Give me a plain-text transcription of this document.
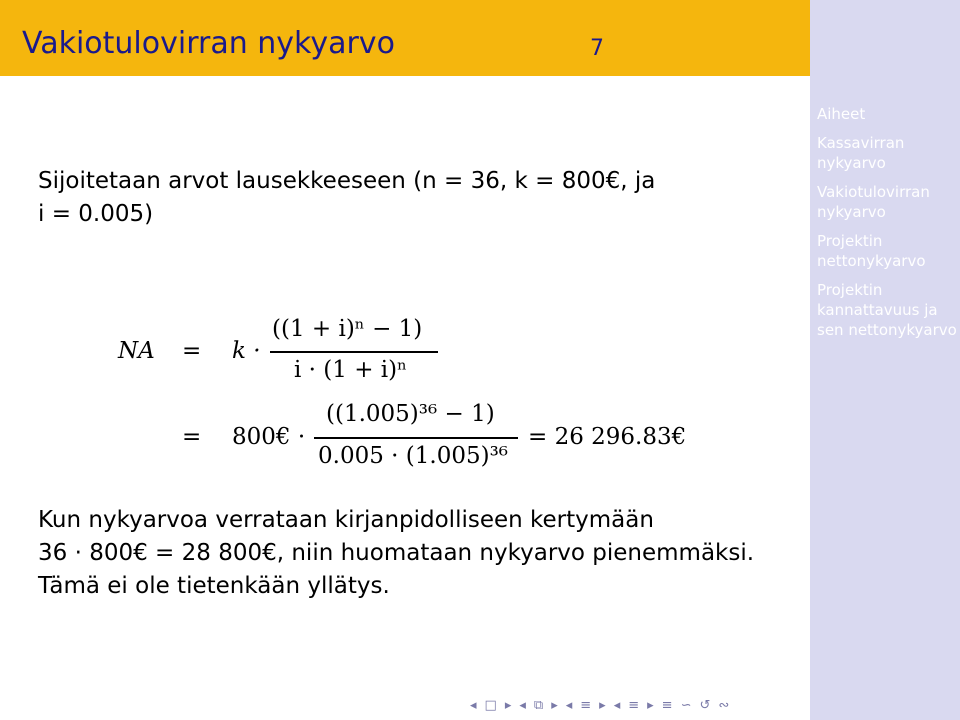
Vakiotulovirran nykyarvo	7
Aiheet
Kassavirran nykyarvo
Vakiotulovirran nykyarvo
Projektin nettonykyarvo
Projektin kannattavuus ja sen nettonykyarvo
Sijoitetaan arvot lausekkeeseen (n = 36, k = 800€, ja
i = 0.005)
NA = k ·
((1 + i)ⁿ − 1)
i · (1 + i)ⁿ
= 800€ ·
((1.005)³⁶ − 1)
0.005 · (1.005)³⁶
= 26 296.83€
Kun nykyarvoa verrataan kirjanpidolliseen kertymään
36 · 800€ = 28 800€, niin huomataan nykyarvo pienemmäksi.
Tämä ei ole tietenkään yllätys.
◂ □ ▸ ◂ ⧉ ▸ ◂ ≡ ▸ ◂ ≡ ▸ ≡ ∽ ↺ ∾
